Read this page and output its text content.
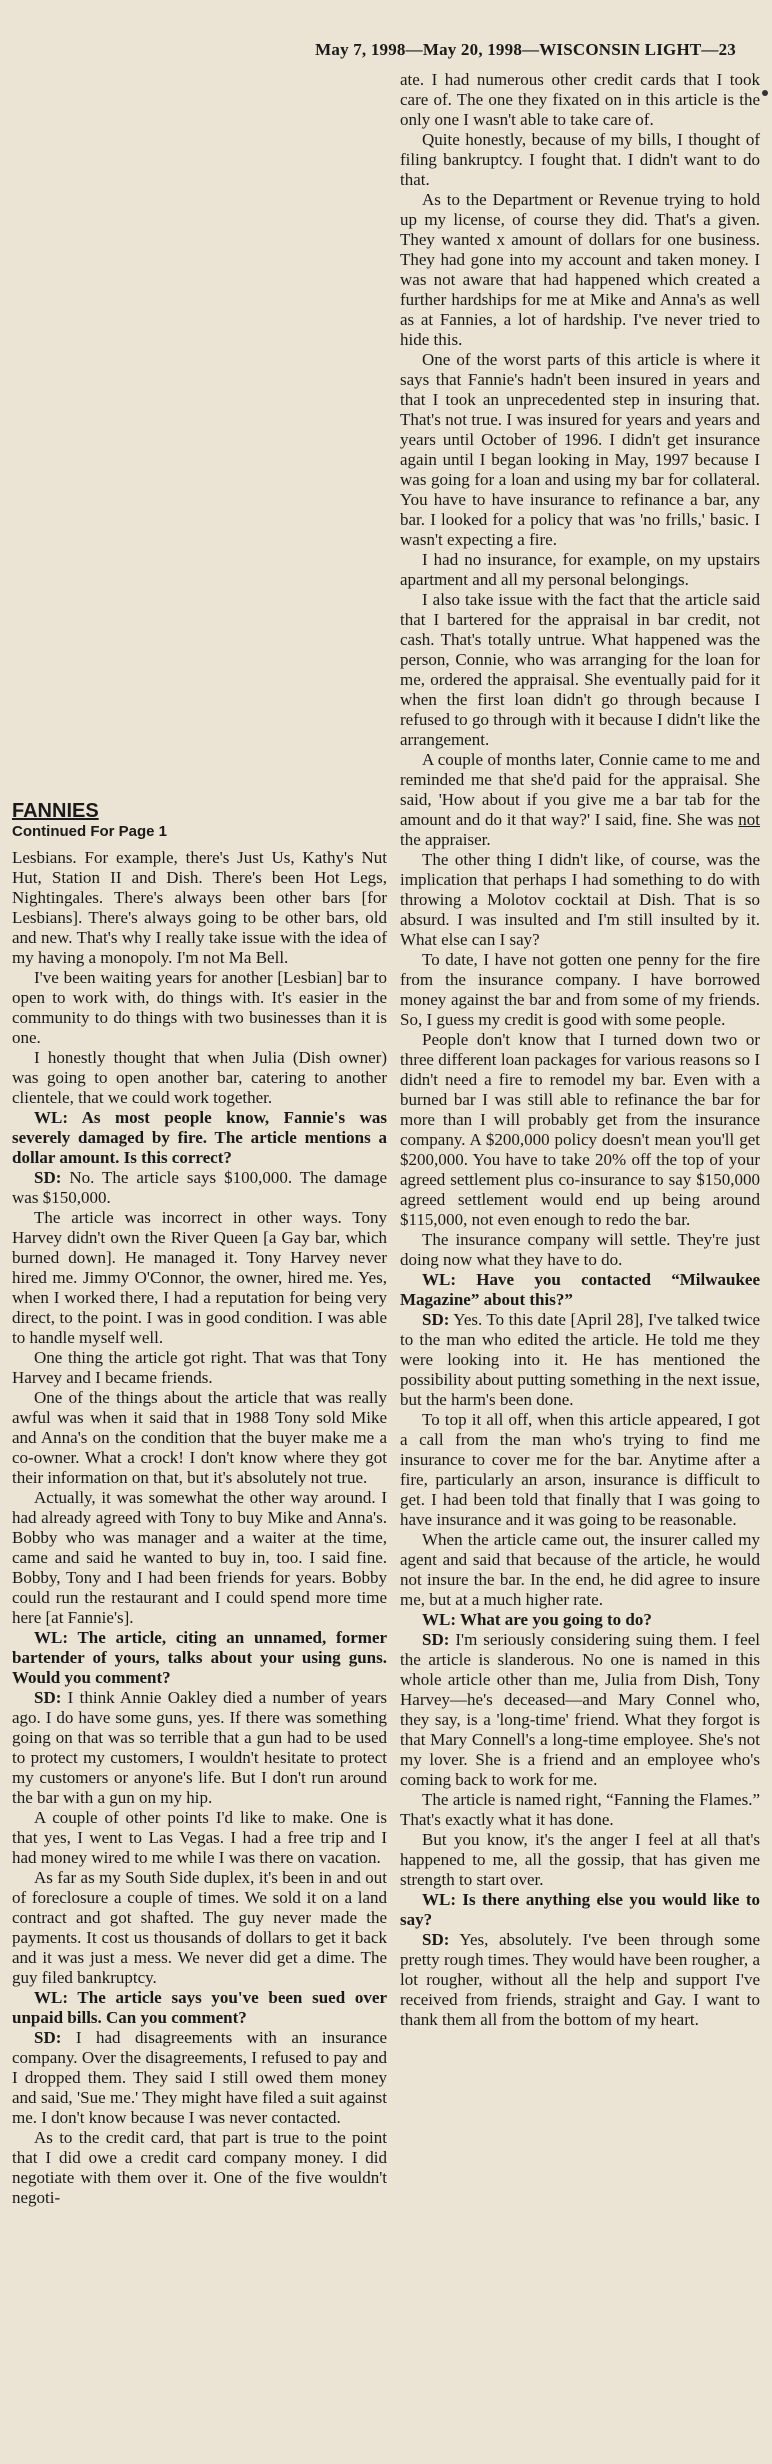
May 7, 1998—May 20, 1998—WISCONSIN LIGHT—23

FANNIES

Continued For Page 1

Lesbians. For example, there's Just Us, Kathy's Nut Hut, Station II and Dish. There's been Hot Legs, Nightingales. There's always been other bars [for Lesbians]. There's always going to be other bars, old and new. That's why I really take issue with the idea of my having a monopoly. I'm not Ma Bell.

I've been waiting years for another [Lesbian] bar to open to work with, do things with. It's easier in the community to do things with two businesses than it is one.

I honestly thought that when Julia (Dish owner) was going to open another bar, catering to another clientele, that we could work together.

WL: As most people know, Fannie's was severely damaged by fire. The article mentions a dollar amount. Is this correct?

SD: No. The article says $100,000. The damage was $150,000.

The article was incorrect in other ways. Tony Harvey didn't own the River Queen [a Gay bar, which burned down]. He managed it. Tony Harvey never hired me. Jimmy O'Connor, the owner, hired me. Yes, when I worked there, I had a reputation for being very direct, to the point. I was in good condition. I was able to handle myself well.

One thing the article got right. That was that Tony Harvey and I became friends.

One of the things about the article that was really awful was when it said that in 1988 Tony sold Mike and Anna's on the condition that the buyer make me a co-owner. What a crock! I don't know where they got their information on that, but it's absolutely not true.

Actually, it was somewhat the other way around. I had already agreed with Tony to buy Mike and Anna's. Bobby who was manager and a waiter at the time, came and said he wanted to buy in, too. I said fine. Bobby, Tony and I had been friends for years. Bobby could run the restaurant and I could spend more time here [at Fannie's].

WL: The article, citing an unnamed, former bartender of yours, talks about your using guns. Would you comment?

SD: I think Annie Oakley died a number of years ago. I do have some guns, yes. If there was something going on that was so terrible that a gun had to be used to protect my customers, I wouldn't hesitate to protect my customers or anyone's life. But I don't run around the bar with a gun on my hip.

A couple of other points I'd like to make. One is that yes, I went to Las Vegas. I had a free trip and I had money wired to me while I was there on vacation.

As far as my South Side duplex, it's been in and out of foreclosure a couple of times. We sold it on a land contract and got shafted. The guy never made the payments. It cost us thousands of dollars to get it back and it was just a mess. We never did get a dime. The guy filed bankruptcy.

WL: The article says you've been sued over unpaid bills. Can you comment?

SD: I had disagreements with an insurance company. Over the disagreements, I refused to pay and I dropped them. They said I still owed them money and said, 'Sue me.' They might have filed a suit against me. I don't know because I was never contacted.

As to the credit card, that part is true to the point that I did owe a credit card company money. I did negotiate with them over it. One of the five wouldn't negoti-

ate. I had numerous other credit cards that I took care of. The one they fixated on in this article is the only one I wasn't able to take care of.

Quite honestly, because of my bills, I thought of filing bankruptcy. I fought that. I didn't want to do that.

As to the Department or Revenue trying to hold up my license, of course they did. That's a given. They wanted x amount of dollars for one business. They had gone into my account and taken money. I was not aware that had happened which created a further hardships for me at Mike and Anna's as well as at Fannies, a lot of hardship. I've never tried to hide this.

One of the worst parts of this article is where it says that Fannie's hadn't been insured in years and that I took an unprecedented step in insuring that. That's not true. I was insured for years and years and years until October of 1996. I didn't get insurance again until I began looking in May, 1997 because I was going for a loan and using my bar for collateral. You have to have insurance to refinance a bar, any bar. I looked for a policy that was 'no frills,' basic. I wasn't expecting a fire.

I had no insurance, for example, on my upstairs apartment and all my personal belongings.

I also take issue with the fact that the article said that I bartered for the appraisal in bar credit, not cash. That's totally untrue. What happened was the person, Connie, who was arranging for the loan for me, ordered the appraisal. She eventually paid for it when the first loan didn't go through because I refused to go through with it because I didn't like the arrangement.

A couple of months later, Connie came to me and reminded me that she'd paid for the appraisal. She said, 'How about if you give me a bar tab for the amount and do it that way?' I said, fine. She was not the appraiser.

The other thing I didn't like, of course, was the implication that perhaps I had something to do with throwing a Molotov cocktail at Dish. That is so absurd. I was insulted and I'm still insulted by it. What else can I say?

To date, I have not gotten one penny for the fire from the insurance company. I have borrowed money against the bar and from some of my friends. So, I guess my credit is good with some people.

People don't know that I turned down two or three different loan packages for various reasons so I didn't need a fire to remodel my bar. Even with a burned bar I was still able to refinance the bar for more than I will probably get from the insurance company. A $200,000 policy doesn't mean you'll get $200,000. You have to take 20% off the top of your agreed settlement plus co-insurance to say $150,000 agreed settlement would end up being around $115,000, not even enough to redo the bar.

The insurance company will settle. They're just doing now what they have to do.

WL: Have you contacted “Milwaukee Magazine” about this?”

SD: Yes. To this date [April 28], I've talked twice to the man who edited the article. He told me they were looking into it. He has mentioned the possibility about putting something in the next issue, but the harm's been done.

To top it all off, when this article appeared, I got a call from the man who's trying to find me insurance to cover me for the bar. Anytime after a fire, particularly an arson, insurance is difficult to get. I had been told that finally that I was going to have insurance and it was going to be reasonable.

When the article came out, the insurer called my agent and said that because of the article, he would not insure the bar. In the end, he did agree to insure me, but at a much higher rate.

WL: What are you going to do?

SD: I'm seriously considering suing them. I feel the article is slanderous. No one is named in this whole article other than me, Julia from Dish, Tony Harvey—he's deceased—and Mary Connel who, they say, is a 'long-time' friend. What they forgot is that Mary Connell's a long-time employee. She's not my lover. She is a friend and an employee who's coming back to work for me.

The article is named right, “Fanning the Flames.” That's exactly what it has done.

But you know, it's the anger I feel at all that's happened to me, all the gossip, that has given me strength to start over.

WL: Is there anything else you would like to say?

SD: Yes, absolutely. I've been through some pretty rough times. They would have been rougher, a lot rougher, without all the help and support I've received from friends, straight and Gay. I want to thank them all from the bottom of my heart.
